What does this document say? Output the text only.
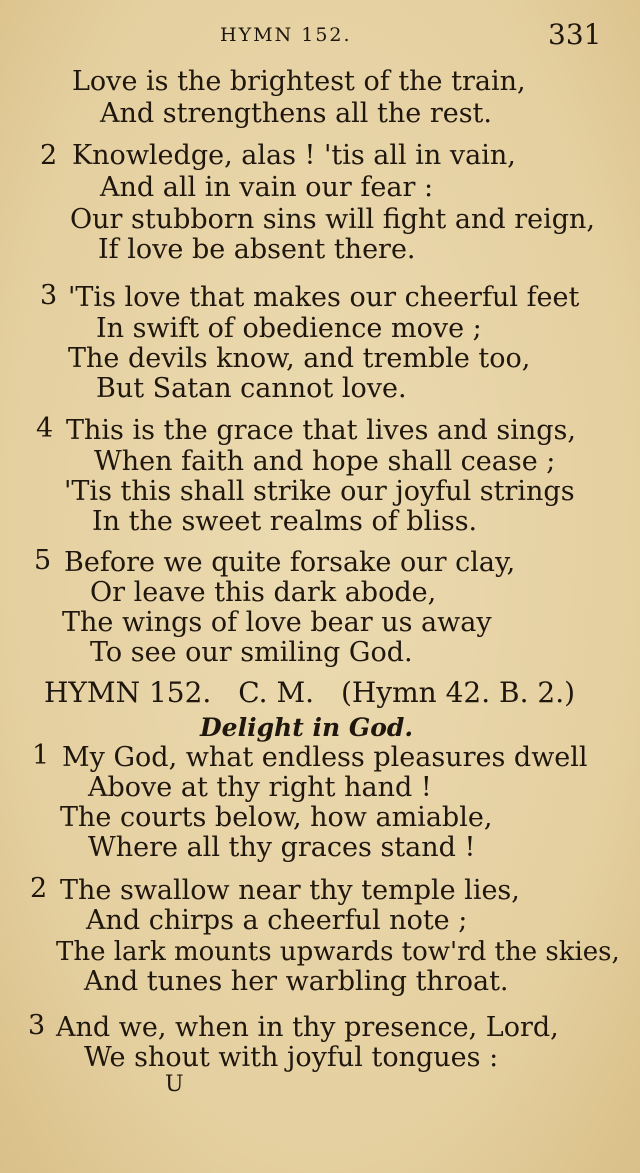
HYMN 152.	331
Love is the brightest of the train,
And strengthens all the rest.
2 Knowledge, alas ! 'tis all in vain,
And all in vain our fear :
Our stubborn sins will fight and reign,
If love be absent there.
3 'Tis love that makes our cheerful feet
In swift of obedience move ;
The devils know, and tremble too,
But Satan cannot love.
4 This is the grace that lives and sings,
When faith and hope shall cease ;
'Tis this shall strike our joyful strings
In the sweet realms of bliss.
5 Before we quite forsake our clay,
Or leave this dark abode,
The wings of love bear us away
To see our smiling God.
HYMN 152. C. M. (Hymn 42. B. 2.)
Delight in God.
1 My God, what endless pleasures dwell
Above at thy right hand !
The courts below, how amiable,
Where all thy graces stand !
2 The swallow near thy temple lies,
And chirps a cheerful note ;
The lark mounts upwards tow'rd the skies,
And tunes her warbling throat.
3 And we, when in thy presence, Lord,
We shout with joyful tongues :
U
